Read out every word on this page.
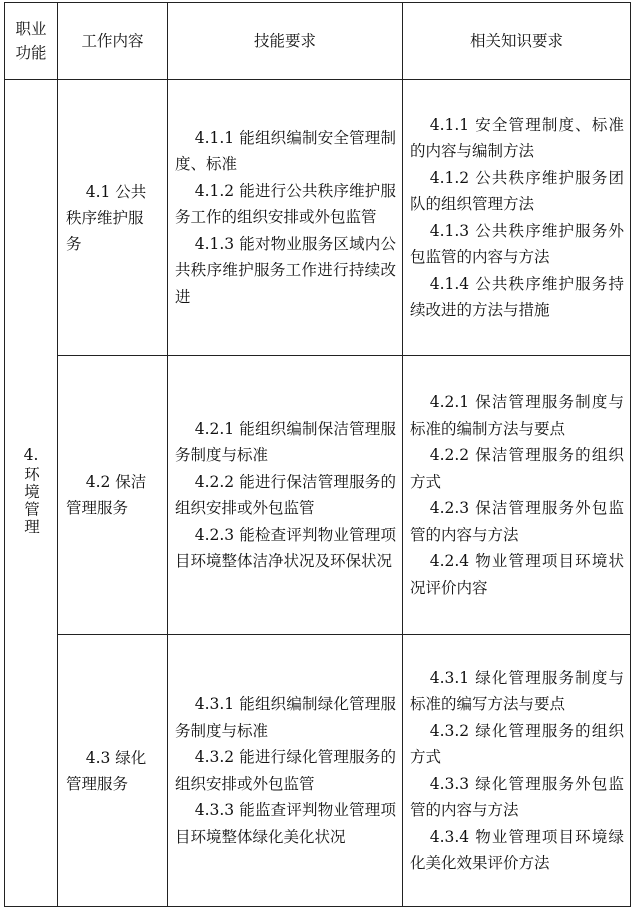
职业
功能	工作内容	技能要求	相关知识要求

4.
环境管理	4.1 公共
秩序维护服
务	4.1.1 能组织编制安全管理制度、标准
4.1.2 能进行公共秩序维护服务工作的组织安排或外包监管
4.1.3 能对物业服务区域内公共秩序维护服务工作进行持续改进	4.1.1 安全管理制度、标准的内容与编制方法
4.1.2 公共秩序维护服务团队的组织管理方法
4.1.3 公共秩序维护服务外包监管的内容与方法
4.1.4 公共秩序维护服务持续改进的方法与措施

	4.2 保洁
管理服务	4.2.1 能组织编制保洁管理服务制度与标准
4.2.2 能进行保洁管理服务的组织安排或外包监管
4.2.3 能检查评判物业管理项目环境整体洁净状况及环保状况	4.2.1 保洁管理服务制度与标准的编制方法与要点
4.2.2 保洁管理服务的组织方式
4.2.3 保洁管理服务外包监管的内容与方法
4.2.4 物业管理项目环境状况评价内容

	4.3 绿化
管理服务	4.3.1 能组织编制绿化管理服务制度与标准
4.3.2 能进行绿化管理服务的组织安排或外包监管
4.3.3 能监查评判物业管理项目环境整体绿化美化状况	4.3.1 绿化管理服务制度与标准的编写方法与要点
4.3.2 绿化管理服务的组织方式
4.3.3 绿化管理服务外包监管的内容与方法
4.3.4 物业管理项目环境绿化美化效果评价方法
